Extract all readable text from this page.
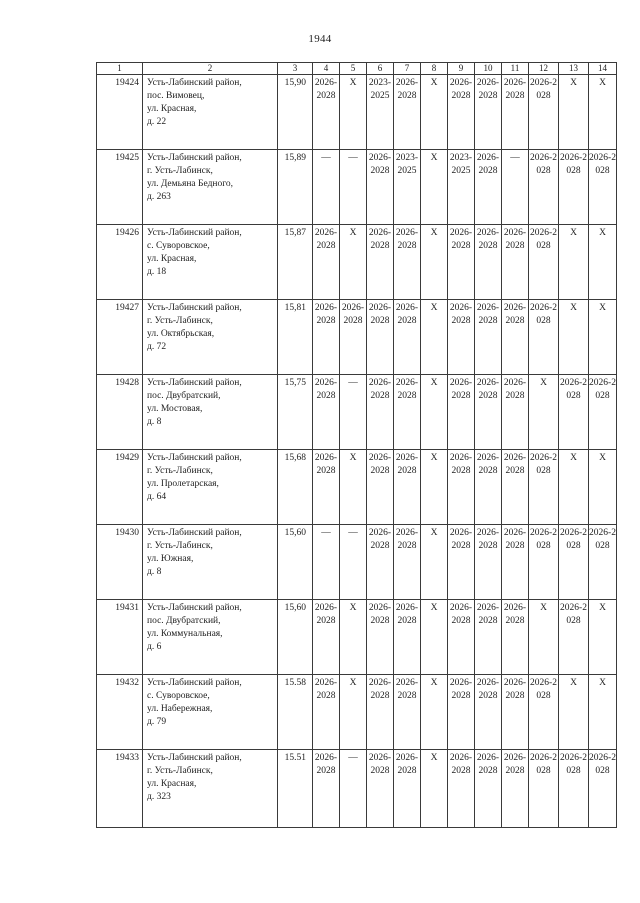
1944
1	2	3	4	5	6	7	8	9	10	11	12	13	14
19424	Усть-Лабинский район,
пос. Вимовец,
ул. Красная,
д. 22	15,90	2026-2028	Х	2023-2025	2026-2028	Х	2026-2028	2026-2028	2026-2028	2026-2028	Х	Х
19425	Усть-Лабинский район,
г. Усть-Лабинск,
ул. Демьяна Бедного,
д. 263	15,89	—	—	2026-2028	2023-2025	Х	2023-2025	2026-2028	—	2026-2028	2026-2028	2026-2028
19426	Усть-Лабинский район,
с. Суворовское,
ул. Красная,
д. 18	15,87	2026-2028	Х	2026-2028	2026-2028	Х	2026-2028	2026-2028	2026-2028	2026-2028	Х	Х
19427	Усть-Лабинский район,
г. Усть-Лабинск,
ул. Октябрьская,
д. 72	15,81	2026-2028	2026-2028	2026-2028	2026-2028	Х	2026-2028	2026-2028	2026-2028	2026-2028	Х	Х
19428	Усть-Лабинский район,
пос. Двубратский,
ул. Мостовая,
д. 8	15,75	2026-2028	—	2026-2028	2026-2028	Х	2026-2028	2026-2028	2026-2028	Х	2026-2028	2026-2028
19429	Усть-Лабинский район,
г. Усть-Лабинск,
ул. Пролетарская,
д. 64	15,68	2026-2028	Х	2026-2028	2026-2028	Х	2026-2028	2026-2028	2026-2028	2026-2028	Х	Х
19430	Усть-Лабинский район,
г. Усть-Лабинск,
ул. Южная,
д. 8	15,60	—	—	2026-2028	2026-2028	Х	2026-2028	2026-2028	2026-2028	2026-2028	2026-2028	2026-2028
19431	Усть-Лабинский район,
пос. Двубратский,
ул. Коммунальная,
д. 6	15,60	2026-2028	Х	2026-2028	2026-2028	Х	2026-2028	2026-2028	2026-2028	Х	2026-2028	Х
19432	Усть-Лабинский район,
с. Суворовское,
ул. Набережная,
д. 79	15.58	2026-2028	Х	2026-2028	2026-2028	Х	2026-2028	2026-2028	2026-2028	2026-2028	Х	Х
19433	Усть-Лабинский район,
г. Усть-Лабинск,
ул. Красная,
д. 323	15.51	2026-2028	—	2026-2028	2026-2028	Х	2026-2028	2026-2028	2026-2028	2026-2028	2026-2028	2026-2028
